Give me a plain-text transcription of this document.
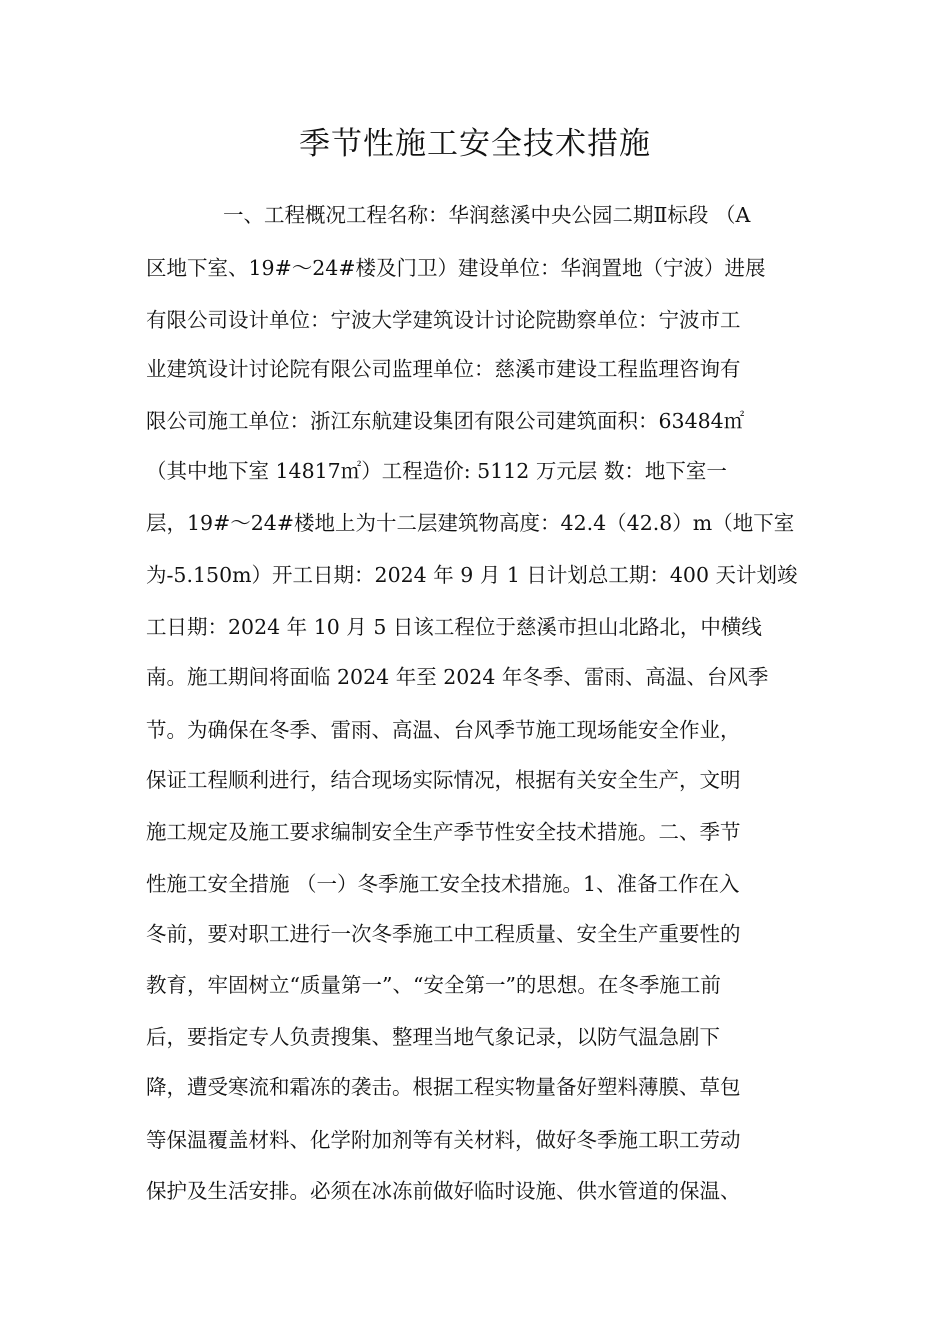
季节性施工安全技术措施
一、工程概况工程名称：华润慈溪中央公园二期Ⅱ标段 （A
区地下室、19#～24#楼及门卫）建设单位：华润置地（宁波）进展
有限公司设计单位：宁波大学建筑设计讨论院勘察单位：宁波市工
业建筑设计讨论院有限公司监理单位：慈溪市建设工程监理咨询有
限公司施工单位：浙江东航建设集团有限公司建筑面积：63484㎡
（其中地下室 14817㎡）工程造价: 5112 万元层 数：地下室一
层，19#～24#楼地上为十二层建筑物高度：42.4（42.8）m（地下室
为-5.150m）开工日期：2024 年 9 月 1 日计划总工期：400 天计划竣
工日期：2024 年 10 月 5 日该工程位于慈溪市担山北路北，中横线
南。施工期间将面临 2024 年至 2024 年冬季、雷雨、高温、台风季
节。为确保在冬季、雷雨、高温、台风季节施工现场能安全作业，
保证工程顺利进行，结合现场实际情况，根据有关安全生产，文明
施工规定及施工要求编制安全生产季节性安全技术措施。二、季节
性施工安全措施 （一）冬季施工安全技术措施。1、准备工作在入
冬前，要对职工进行一次冬季施工中工程质量、安全生产重要性的
教育，牢固树立“质量第一”、“安全第一”的思想。在冬季施工前
后，要指定专人负责搜集、整理当地气象记录，以防气温急剧下
降，遭受寒流和霜冻的袭击。根据工程实物量备好塑料薄膜、草包
等保温覆盖材料、化学附加剂等有关材料，做好冬季施工职工劳动
保护及生活安排。必须在冰冻前做好临时设施、供水管道的保温、
